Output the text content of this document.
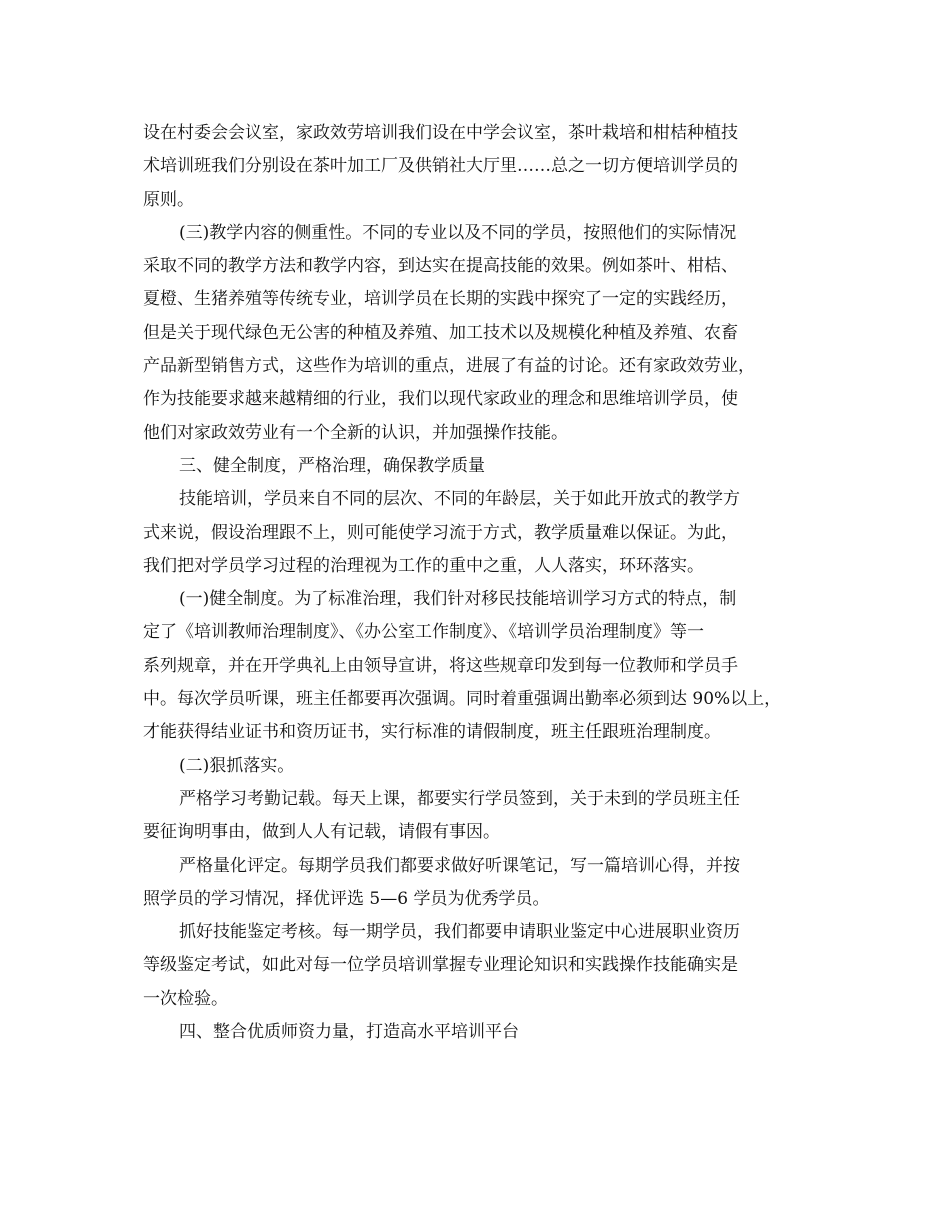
设在村委会会议室，家政效劳培训我们设在中学会议室，茶叶栽培和柑桔种植技
术培训班我们分别设在茶叶加工厂及供销社大厅里……总之一切方便培训学员的
原则。
(三)教学内容的侧重性。不同的专业以及不同的学员，按照他们的实际情况
采取不同的教学方法和教学内容，到达实在提高技能的效果。例如茶叶、柑桔、
夏橙、生猪养殖等传统专业，培训学员在长期的实践中探究了一定的实践经历，
但是关于现代绿色无公害的种植及养殖、加工技术以及规模化种植及养殖、农畜
产品新型销售方式，这些作为培训的重点，进展了有益的讨论。还有家政效劳业，
作为技能要求越来越精细的行业，我们以现代家政业的理念和思维培训学员，使
他们对家政效劳业有一个全新的认识，并加强操作技能。
三、健全制度，严格治理，确保教学质量
技能培训，学员来自不同的层次、不同的年龄层，关于如此开放式的教学方
式来说，假设治理跟不上，则可能使学习流于方式，教学质量难以保证。为此，
我们把对学员学习过程的治理视为工作的重中之重，人人落实，环环落实。
(一)健全制度。为了标准治理，我们针对移民技能培训学习方式的特点，制
定了《培训教师治理制度》、《办公室工作制度》、《培训学员治理制度》等一
系列规章，并在开学典礼上由领导宣讲，将这些规章印发到每一位教师和学员手
中。每次学员听课，班主任都要再次强调。同时着重强调出勤率必须到达 90%以上，
才能获得结业证书和资历证书，实行标准的请假制度，班主任跟班治理制度。
(二)狠抓落实。
严格学习考勤记载。每天上课，都要实行学员签到，关于未到的学员班主任
要征询明事由，做到人人有记载，请假有事因。
严格量化评定。每期学员我们都要求做好听课笔记，写一篇培训心得，并按
照学员的学习情况，择优评选 5—6 学员为优秀学员。
抓好技能鉴定考核。每一期学员，我们都要申请职业鉴定中心进展职业资历
等级鉴定考试，如此对每一位学员培训掌握专业理论知识和实践操作技能确实是
一次检验。
四、整合优质师资力量，打造高水平培训平台
